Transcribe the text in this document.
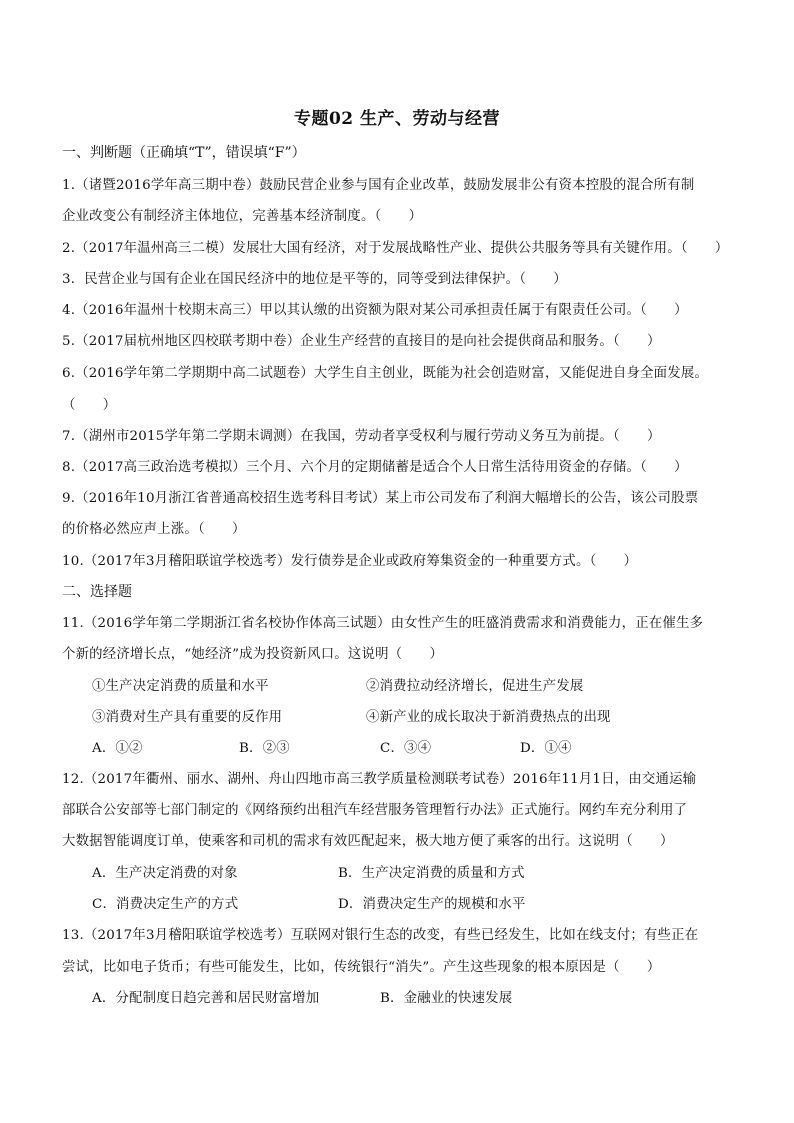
专题02 生产、劳动与经营
一、判断题（正确填“T”，错误填“F”）
1.（诸暨2016学年高三期中卷）鼓励民营企业参与国有企业改革，鼓励发展非公有资本控股的混合所有制
企业改变公有制经济主体地位，完善基本经济制度。（　　）
2.（2017年温州高三二模）发展壮大国有经济，对于发展战略性产业、提供公共服务等具有关键作用。（　　）
3．民营企业与国有企业在国民经济中的地位是平等的，同等受到法律保护。（　　）
4.（2016年温州十校期末高三）甲以其认缴的出资额为限对某公司承担责任属于有限责任公司。（　　）
5.（2017届杭州地区四校联考期中卷）企业生产经营的直接目的是向社会提供商品和服务。（　　）
6.（2016学年第二学期期中高二试题卷）大学生自主创业，既能为社会创造财富，又能促进自身全面发展。
（　　）
7.（湖州市2015学年第二学期末调测）在我国，劳动者享受权利与履行劳动义务互为前提。（　　）
8.（2017高三政治选考模拟）三个月、六个月的定期储蓄是适合个人日常生活待用资金的存储。（　　）
9.（2016年10月浙江省普通高校招生选考科目考试）某上市公司发布了利润大幅增长的公告，该公司股票
的价格必然应声上涨。（　　）
10.（2017年3月稽阳联谊学校选考）发行债券是企业或政府筹集资金的一种重要方式。（　　）
二、选择题
11.（2016学年第二学期浙江省名校协作体高三试题）由女性产生的旺盛消费需求和消费能力，正在催生多
个新的经济增长点，“她经济”成为投资新风口。这说明（　　）
①生产决定消费的质量和水平	②消费拉动经济增长，促进生产发展
③消费对生产具有重要的反作用	④新产业的成长取决于新消费热点的出现
A．①②	B．②③	C．③④	D．①④
12.（2017年衢州、丽水、湖州、舟山四地市高三教学质量检测联考试卷）2016年11月1日，由交通运输
部联合公安部等七部门制定的《网络预约出租汽车经营服务管理暂行办法》正式施行。网约车充分利用了
大数据智能调度订单，使乘客和司机的需求有效匹配起来，极大地方便了乘客的出行。这说明（　　）
A．生产决定消费的对象	B．生产决定消费的质量和方式
C．消费决定生产的方式	D．消费决定生产的规模和水平
13.（2017年3月稽阳联谊学校选考）互联网对银行生态的改变，有些已经发生，比如在线支付；有些正在
尝试，比如电子货币；有些可能发生，比如，传统银行“消失”。产生这些现象的根本原因是（　　）
A．分配制度日趋完善和居民财富增加	B．金融业的快速发展
